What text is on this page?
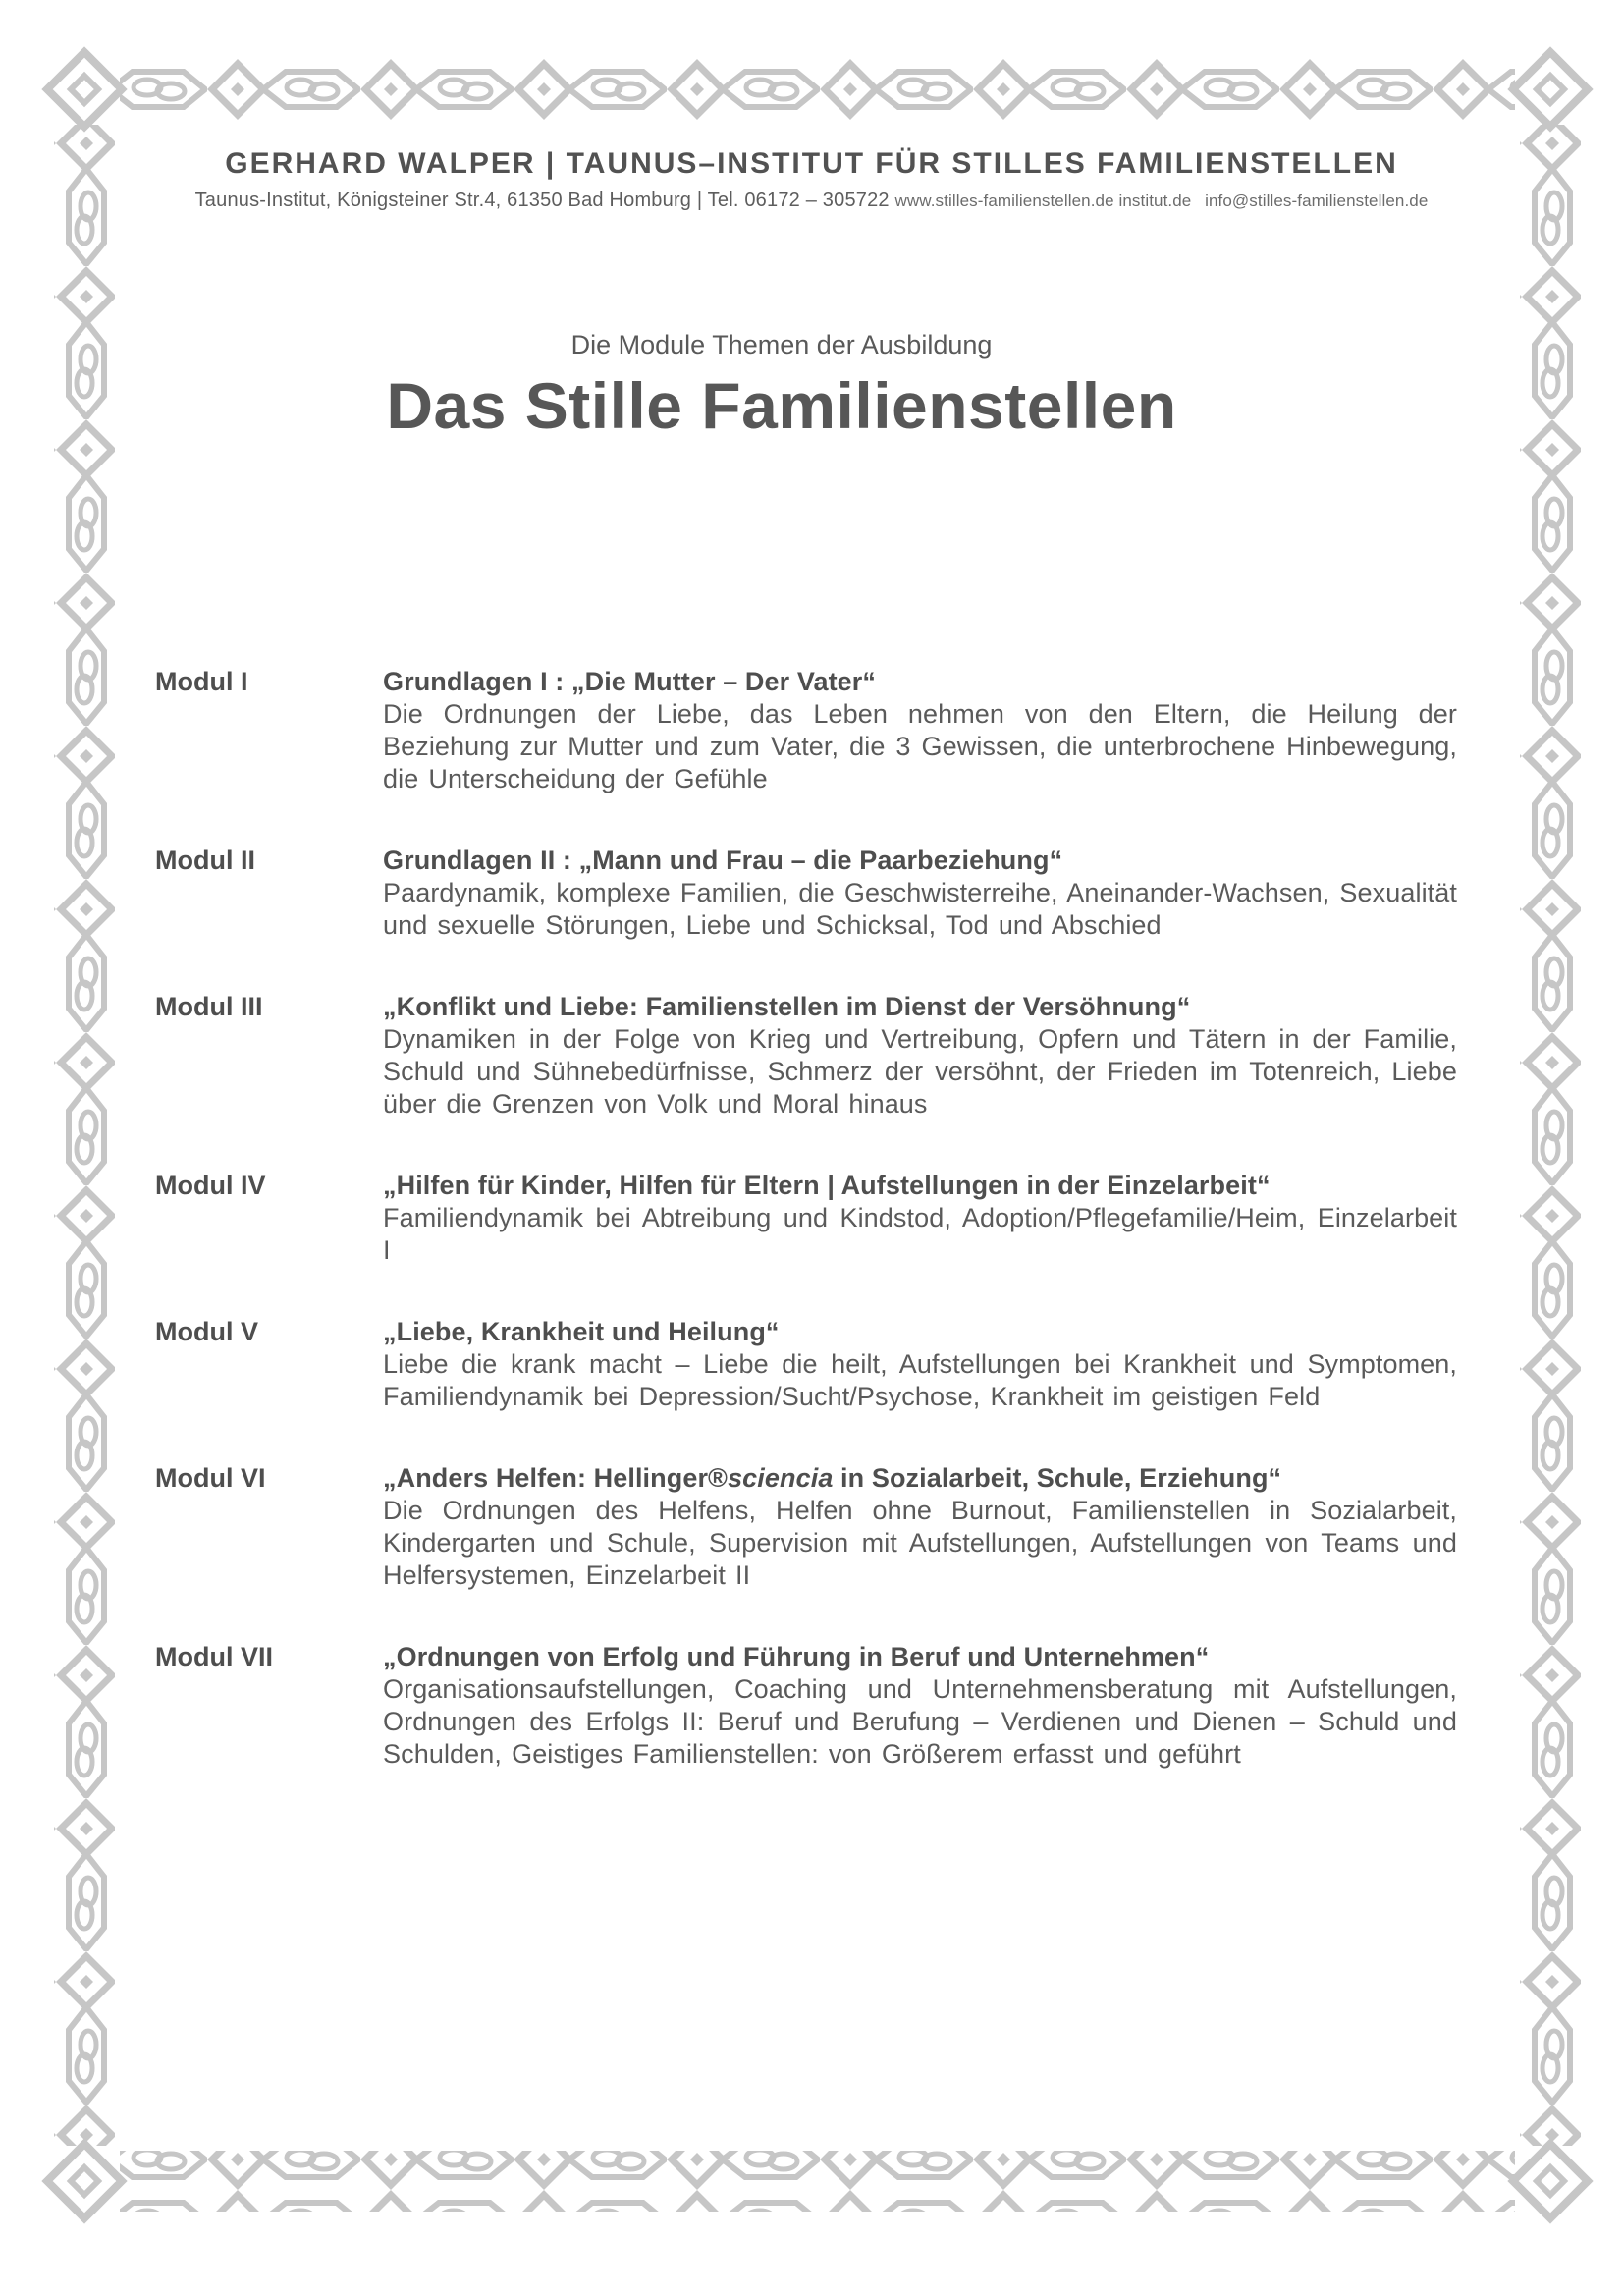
GERHARD WALPER | TAUNUS–INSTITUT FÜR STILLES FAMILIENSTELLEN
Taunus-Institut, Königsteiner Str.4, 61350 Bad Homburg | Tel. 06172 – 305722 www.stilles-familienstellen.de institut.de info@stilles-familienstellen.de
Die Module Themen der Ausbildung
Das Stille Familienstellen
Modul I	Grundlagen I : „Die Mutter – Der Vater“
Die Ordnungen der Liebe, das Leben nehmen von den Eltern, die Heilung der Beziehung zur Mutter und zum Vater, die 3 Gewissen, die unterbrochene Hinbewegung, die Unterscheidung der Gefühle
Modul II	Grundlagen II : „Mann und Frau – die Paarbeziehung“
Paardynamik, komplexe Familien, die Geschwisterreihe, Aneinander-Wachsen, Sexualität und sexuelle Störungen, Liebe und Schicksal, Tod und Abschied
Modul III	„Konflikt und Liebe: Familienstellen im Dienst der Versöhnung“
Dynamiken in der Folge von Krieg und Vertreibung, Opfern und Tätern in der Familie, Schuld und Sühnebedürfnisse, Schmerz der versöhnt, der Frieden im Totenreich, Liebe über die Grenzen von Volk und Moral hinaus
Modul IV	„Hilfen für Kinder, Hilfen für Eltern | Aufstellungen in der Einzelarbeit“
Familiendynamik bei Abtreibung und Kindstod, Adoption/Pflegefamilie/Heim, Einzelarbeit I
Modul V	„Liebe, Krankheit und Heilung“
Liebe die krank macht – Liebe die heilt, Aufstellungen bei Krankheit und Symptomen, Familiendynamik bei Depression/Sucht/Psychose, Krankheit im geistigen Feld
Modul VI	„Anders Helfen: Hellinger®sciencia in Sozialarbeit, Schule, Erziehung“
Die Ordnungen des Helfens, Helfen ohne Burnout, Familienstellen in Sozialarbeit, Kindergarten und Schule, Supervision mit Aufstellungen, Aufstellungen von Teams und Helfersystemen, Einzelarbeit II
Modul VII	„Ordnungen von Erfolg und Führung in Beruf und Unternehmen“
Organisationsaufstellungen, Coaching und Unternehmensberatung mit Aufstellungen, Ordnungen des Erfolgs II: Beruf und Berufung – Verdienen und Dienen – Schuld und Schulden, Geistiges Familienstellen: von Größerem erfasst und geführt
